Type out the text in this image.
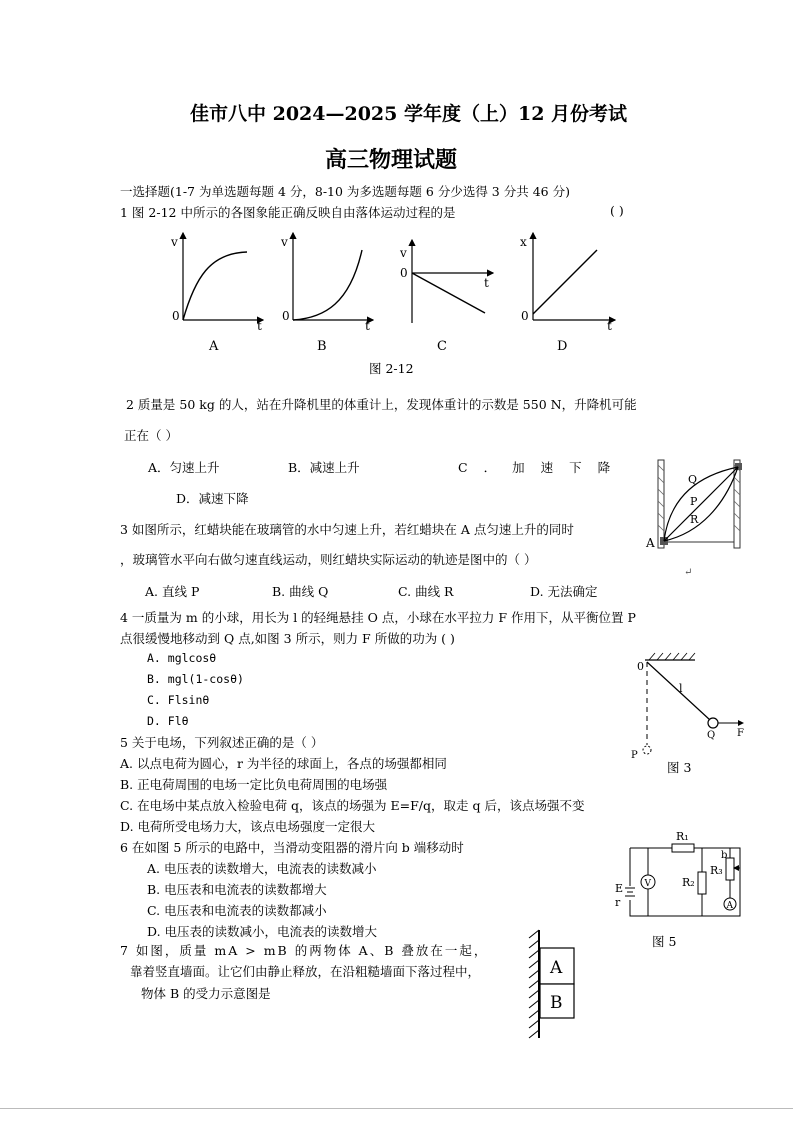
佳市八中 2024—2025 学年度（上）12 月份考试
高三物理试题
一选择题(1-7 为单选题每题 4 分，8-10 为多选题每题 6 分少选得 3 分共 46 分)
1 图 2-12 中所示的各图象能正确反映自由落体运动过程的是	( )
v
0
t
A
v
0
t
B
v
0
t
C
x
0
t
D
图 2-12
2 质量是 50 kg 的人，站在升降机里的体重计上，发现体重计的示数是 550 N，升降机可能
正在（ ）
A．匀速上升	B．减速上升	C．加速下降
D．减速下降
Q
P
R
A
↵
3 如图所示，红蜡块能在玻璃管的水中匀速上升，若红蜡块在 A 点匀速上升的同时
，玻璃管水平向右做匀速直线运动，则红蜡块实际运动的轨迹是图中的（ ）
A. 直线 P	B. 曲线 Q	C. 曲线 R	D. 无法确定
4 一质量为 m 的小球，用长为 l 的轻绳悬挂 O 点，小球在水平拉力 F 作用下，从平衡位置 P
点很缓慢地移动到 Q 点,如图 3 所示，则力 F 所做的功为 ( )
A. mglcosθ
B. mgl(1-cosθ)
C. Flsinθ
D. Flθ
0
l
P
Q F
图 3
5 关于电场，下列叙述正确的是（ ）
A. 以点电荷为圆心，r 为半径的球面上，各点的场强都相同
B. 正电荷周围的电场一定比负电荷周围的电场强
C. 在电场中某点放入检验电荷 q，该点的场强为 E=F/q，取走 q 后，该点场强不变
D. 电荷所受电场力大，该点电场强度一定很大
6 在如图 5 所示的电路中，当滑动变阻器的滑片向 b 端移动时
A. 电压表的读数增大，电流表的读数减小
B. 电压表和电流表的读数都增大
C. 电压表和电流表的读数都减小
D. 电压表的读数减小，电流表的读数增大
V
A
R₁
R₂
R₃
b
E
r
图 5
7 如图，质量 mA > mB 的两物体 A、B 叠放在一起，
靠着竖直墙面。让它们由静止释放，在沿粗糙墙面下落过程中，
物体 B 的受力示意图是
A
B
